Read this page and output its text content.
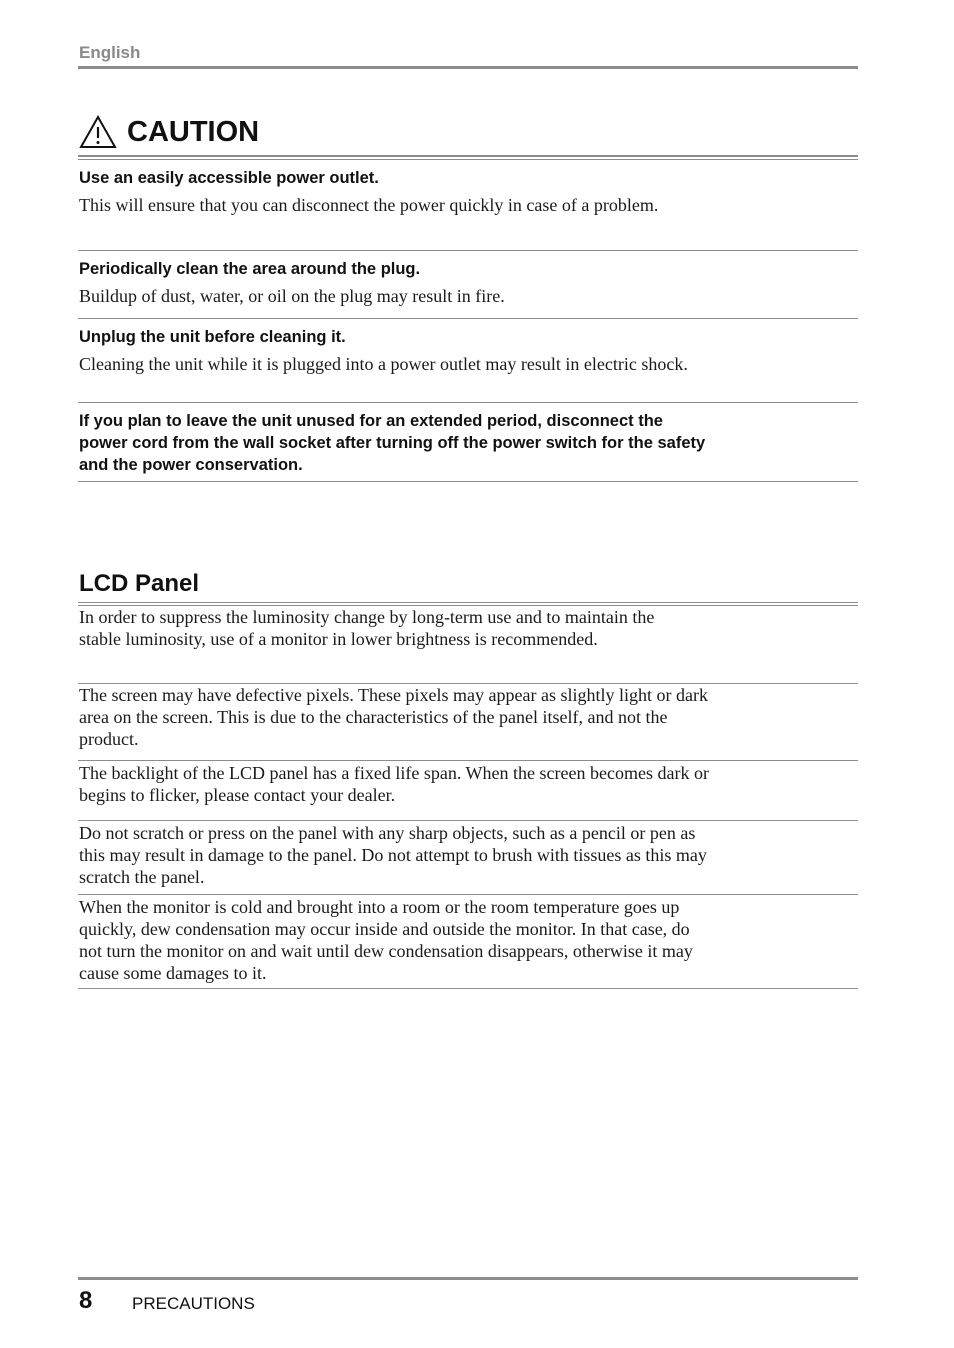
English
CAUTION
Use an easily accessible power outlet.
This will ensure that you can disconnect the power quickly in case of a problem.
Periodically clean the area around the plug.
Buildup of dust, water, or oil on the plug may result in fire.
Unplug the unit before cleaning it.
Cleaning the unit while it is plugged into a power outlet may result in electric shock.
If you plan to leave the unit unused for an extended period, disconnect the power cord from the wall socket after turning off the power switch for the safety and the power conservation.
LCD Panel
In order to suppress the luminosity change by long-term use and to maintain the stable luminosity, use of a monitor in lower brightness is recommended.
The screen may have defective pixels. These pixels may appear as slightly light or dark area on the screen. This is due to the characteristics of the panel itself, and not the product.
The backlight of the LCD panel has a fixed life span. When the screen becomes dark or begins to flicker, please contact your dealer.
Do not scratch or press on the panel with any sharp objects, such as a pencil or pen as this may result in damage to the panel. Do not attempt to brush with tissues as this may scratch the panel.
When the monitor is cold and brought into a room or the room temperature goes up quickly, dew condensation may occur inside and outside the monitor. In that case, do not turn the monitor on and wait until dew condensation disappears, otherwise it may cause some damages to it.
8 PRECAUTIONS
